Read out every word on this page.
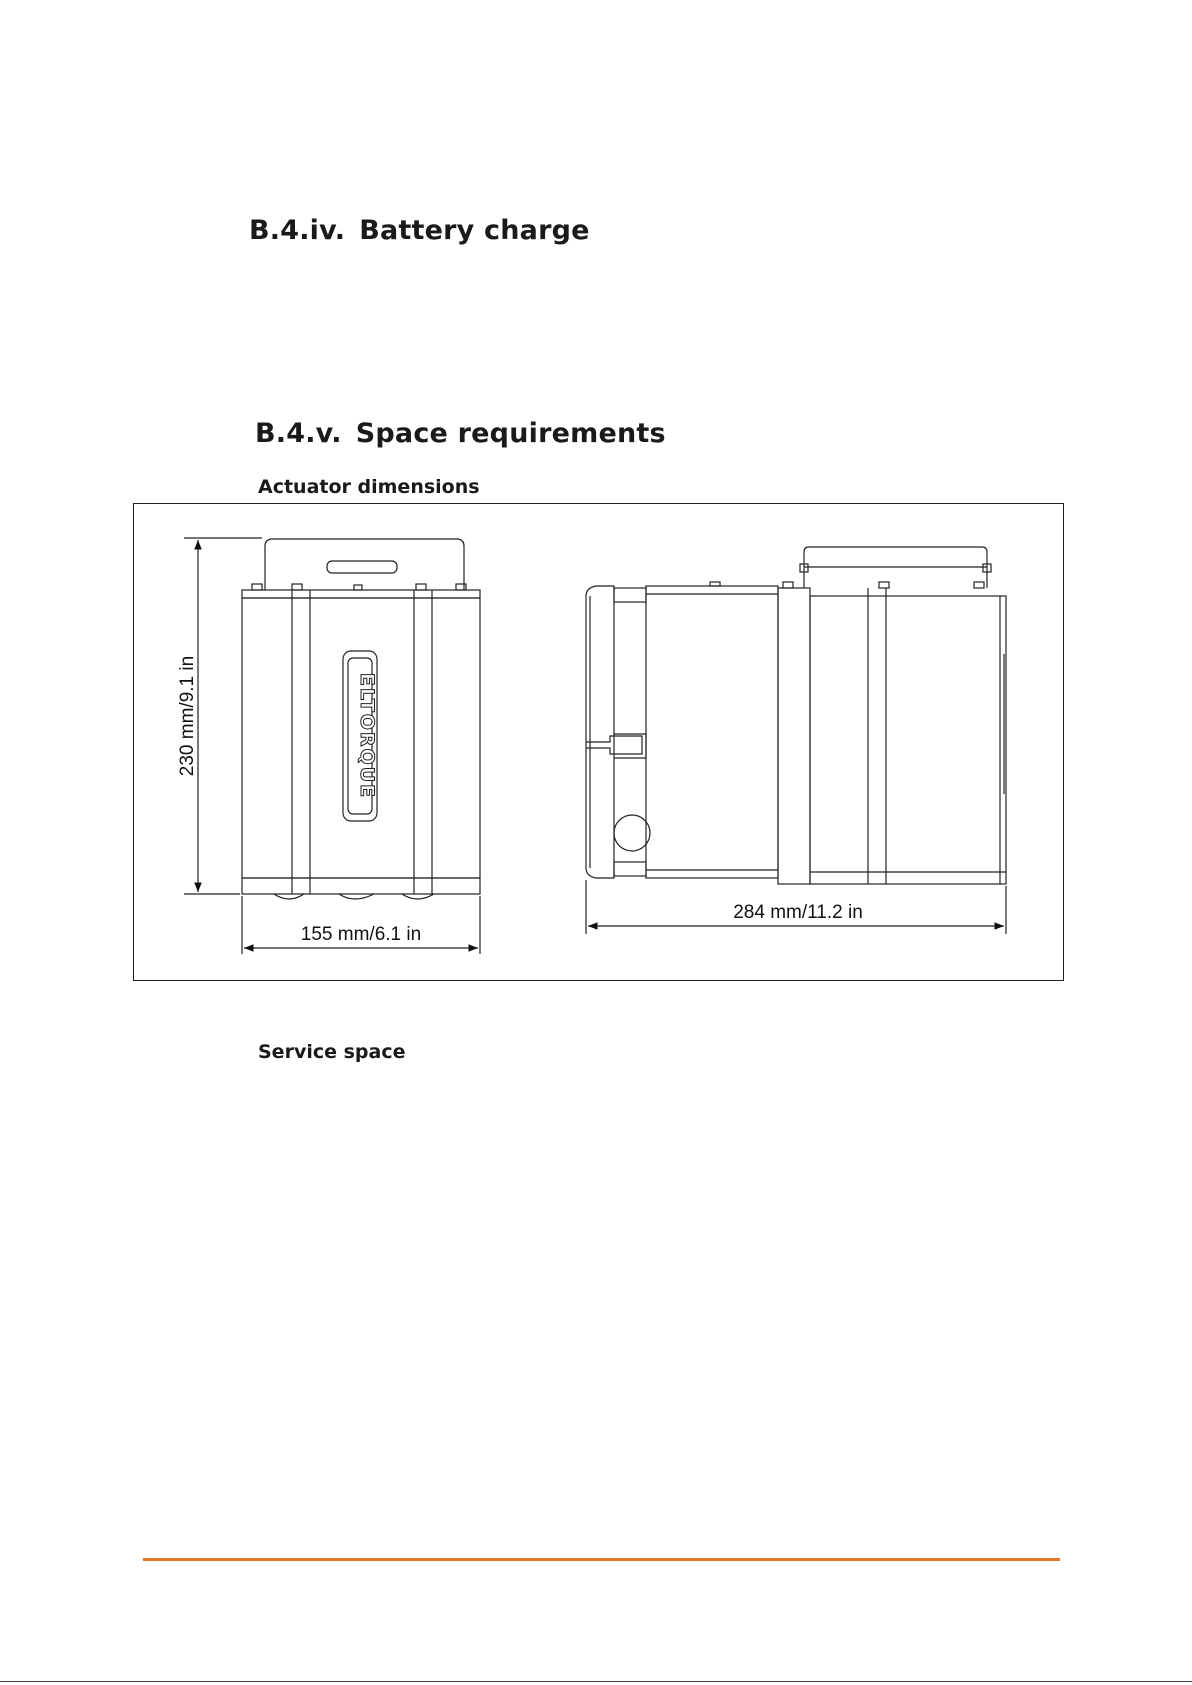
B.4.iv. Battery charge
B.4.v. Space requirements
Actuator dimensions
ELTORQUE
230 mm/9.1 in
155 mm/6.1 in
284 mm/11.2 in
Service space
